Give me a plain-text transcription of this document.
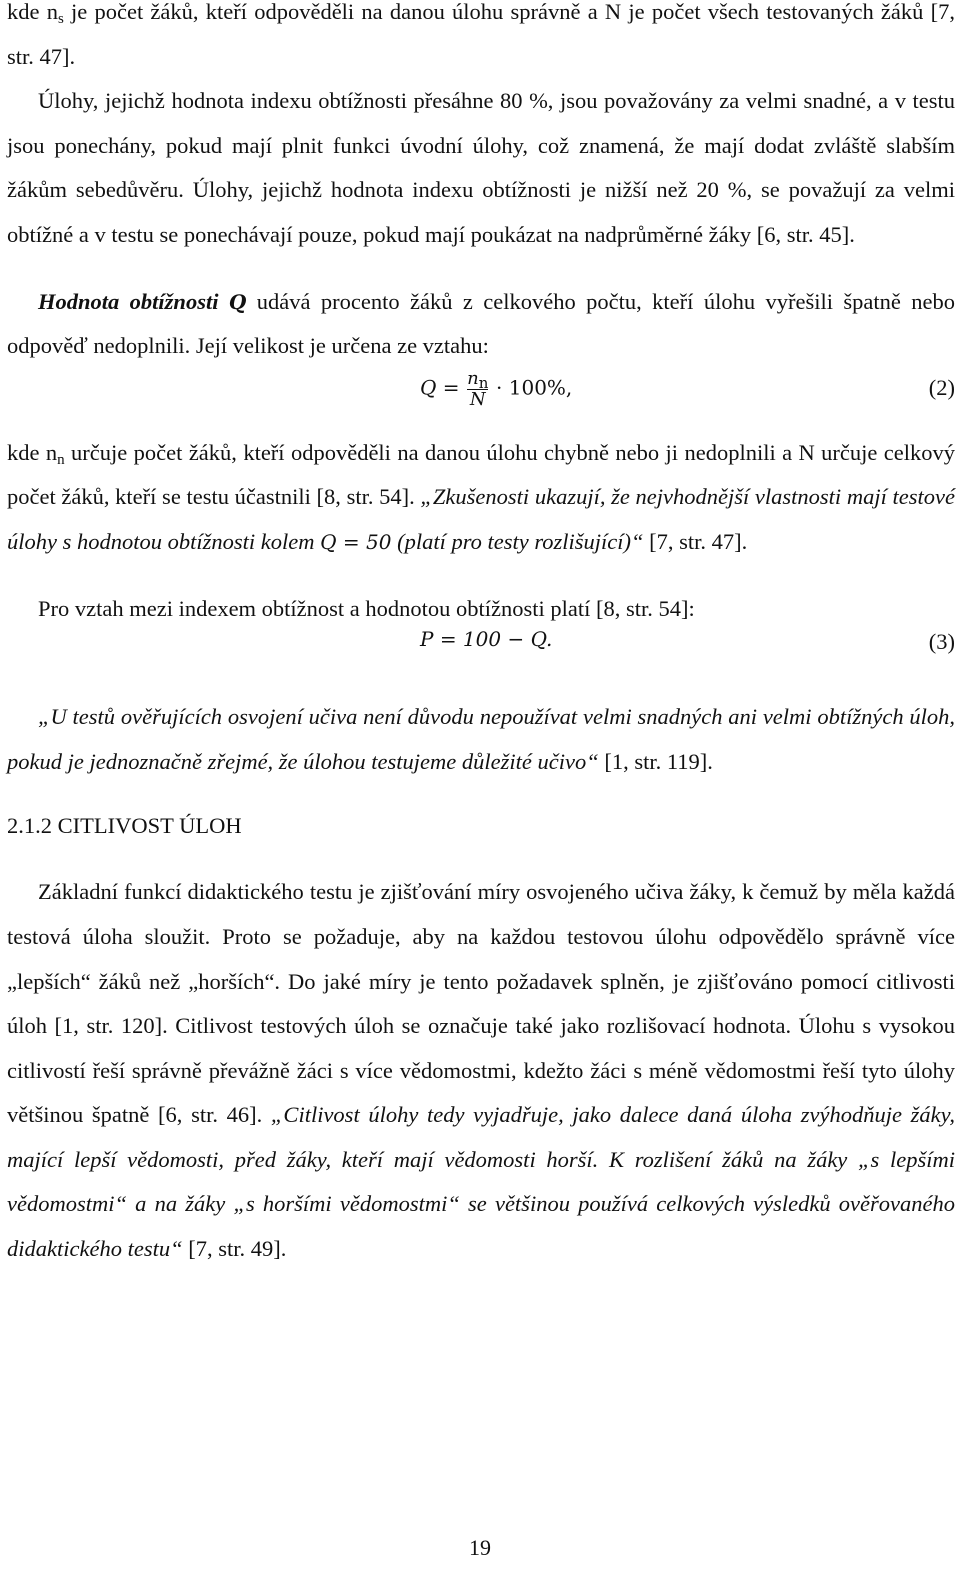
kde $n_s$ je počet žáků, kteří odpověděli na danou úlohu správně a N je počet všech testovaných žáků [7, str. 47].

Úlohy, jejichž hodnota indexu obtížnosti přesáhne 80 %, jsou považovány za velmi snadné, a v testu jsou ponechány, pokud mají plnit funkci úvodní úlohy, což znamená, že mají dodat zvláště slabším žákům sebedůvěru. Úlohy, jejichž hodnota indexu obtížnosti je nižší než 20 %, se považují za velmi obtížné a v testu se ponechávají pouze, pokud mají poukázat na nadprůměrné žáky [6, str. 45].

Hodnota obtížnosti Q udává procento žáků z celkového počtu, kteří úlohu vyřešili špatně nebo odpověď nedoplnili. Její velikost je určena ze vztahu:

$Q = \frac{n_n}{N} \cdot 100\%$,	(2)

kde $n_n$ určuje počet žáků, kteří odpověděli na danou úlohu chybně nebo ji nedoplnili a N určuje celkový počet žáků, kteří se testu účastnili [8, str. 54]. „Zkušenosti ukazují, že nejvhodnější vlastnosti mají testové úlohy s hodnotou obtížnosti kolem Q = 50 (platí pro testy rozlišující)“ [7, str. 47].

Pro vztah mezi indexem obtížnost a hodnotou obtížnosti platí [8, str. 54]:

P = 100 − Q.	(3)

„U testů ověřujících osvojení učiva není důvodu nepoužívat velmi snadných ani velmi obtížných úloh, pokud je jednoznačně zřejmé, že úlohou testujeme důležité učivo“ [1, str. 119].

2.1.2 CITLIVOST ÚLOH

Základní funkcí didaktického testu je zjišťování míry osvojeného učiva žáky, k čemuž by měla každá testová úloha sloužit. Proto se požaduje, aby na každou testovou úlohu odpovědělo správně více „lepších“ žáků než „horších“. Do jaké míry je tento požadavek splněn, je zjišťováno pomocí citlivosti úloh [1, str. 120]. Citlivost testových úloh se označuje také jako rozlišovací hodnota. Úlohu s vysokou citlivostí řeší správně převážně žáci s více vědomostmi, kdežto žáci s méně vědomostmi řeší tyto úlohy většinou špatně [6, str. 46]. „Citlivost úlohy tedy vyjadřuje, jako dalece daná úloha zvýhodňuje žáky, mající lepší vědomosti, před žáky, kteří mají vědomosti horší. K rozlišení žáků na žáky „s lepšími vědomostmi“ a na žáky „s horšími vědomostmi“ se většinou používá celkových výsledků ověřovaného didaktického testu“ [7, str. 49].

19
